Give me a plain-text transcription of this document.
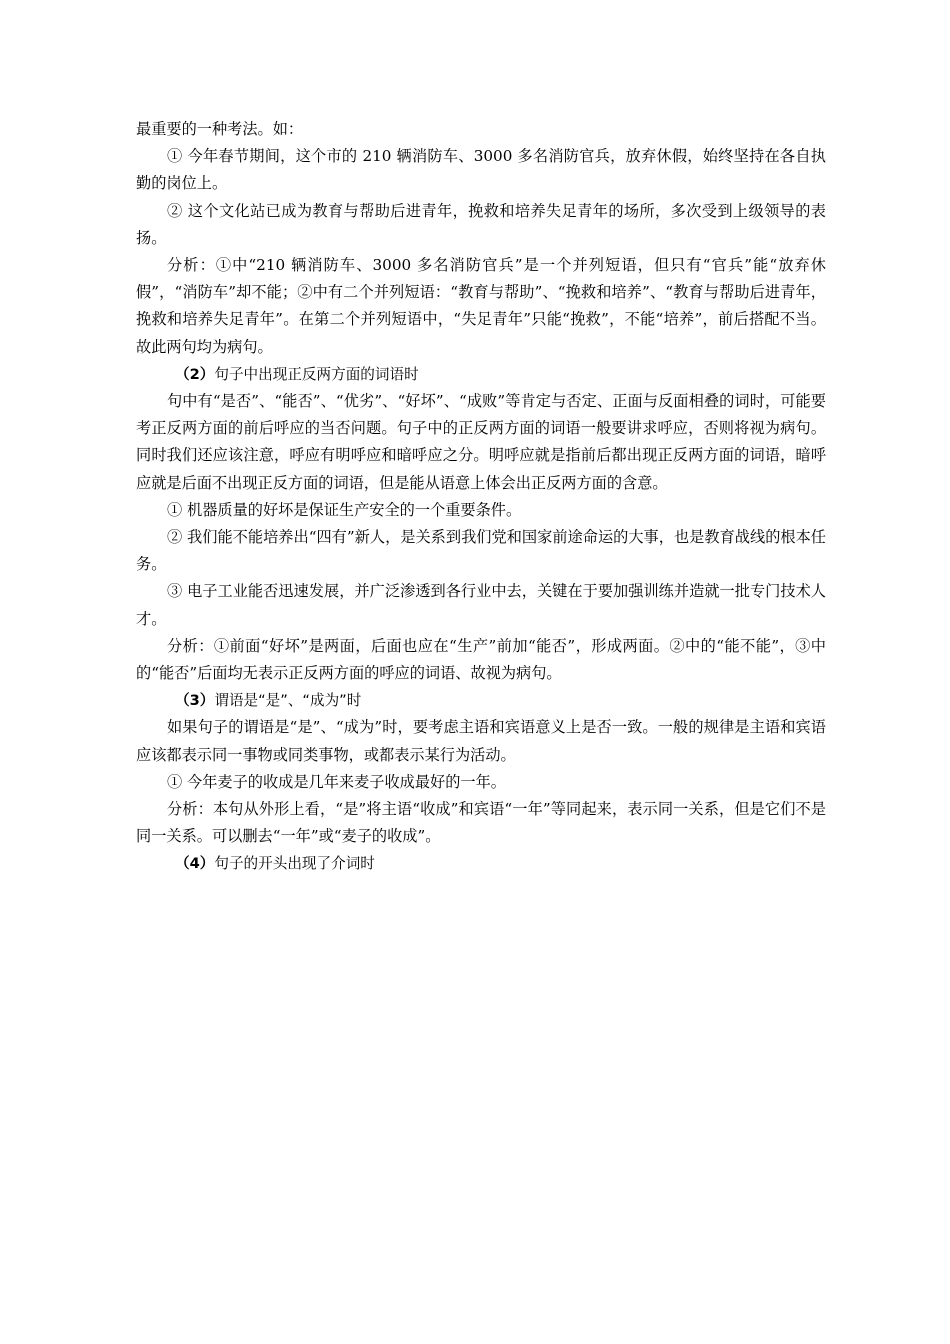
最重要的一种考法。如：

① 今年春节期间，这个市的 210 辆消防车、3000 多名消防官兵，放弃休假，始终坚持在各自执勤的岗位上。

② 这个文化站已成为教育与帮助后进青年，挽救和培养失足青年的场所，多次受到上级领导的表扬。

分析：①中“210 辆消防车、3000 多名消防官兵”是一个并列短语，但只有“官兵”能“放弃休假”，“消防车”却不能；②中有二个并列短语：“教育与帮助”、“挽救和培养”、“教育与帮助后进青年，挽救和培养失足青年”。在第二个并列短语中，“失足青年”只能“挽救”，不能“培养”，前后搭配不当。故此两句均为病句。

（2）句子中出现正反两方面的词语时

句中有“是否”、“能否”、“优劣”、“好坏”、“成败”等肯定与否定、正面与反面相叠的词时，可能要考正反两方面的前后呼应的当否问题。句子中的正反两方面的词语一般要讲求呼应，否则将视为病句。同时我们还应该注意，呼应有明呼应和暗呼应之分。明呼应就是指前后都出现正反两方面的词语，暗呼应就是后面不出现正反方面的词语，但是能从语意上体会出正反两方面的含意。

① 机器质量的好坏是保证生产安全的一个重要条件。

② 我们能不能培养出“四有”新人，是关系到我们党和国家前途命运的大事，也是教育战线的根本任务。

③ 电子工业能否迅速发展，并广泛渗透到各行业中去，关键在于要加强训练并造就一批专门技术人才。

分析：①前面“好坏”是两面，后面也应在“生产”前加“能否”，形成两面。②中的“能不能”，③中的“能否”后面均无表示正反两方面的呼应的词语、故视为病句。

（3）谓语是“是”、“成为”时

如果句子的谓语是“是”、“成为”时，要考虑主语和宾语意义上是否一致。一般的规律是主语和宾语应该都表示同一事物或同类事物，或都表示某行为活动。

① 今年麦子的收成是几年来麦子收成最好的一年。

分析：本句从外形上看，“是”将主语“收成”和宾语“一年”等同起来，表示同一关系，但是它们不是同一关系。可以删去“一年”或“麦子的收成”。

（4）句子的开头出现了介词时
